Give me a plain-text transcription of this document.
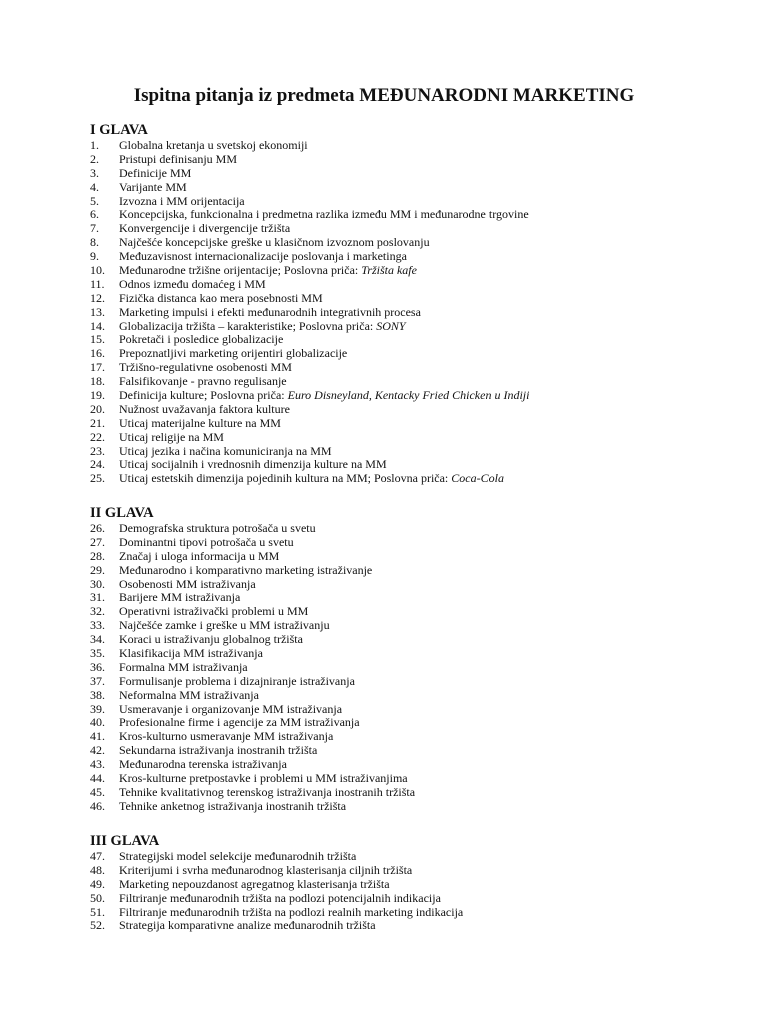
Ispitna pitanja iz predmeta MEĐUNARODNI MARKETING
I GLAVA
1.	Globalna kretanja u svetskoj ekonomiji
2.	Pristupi definisanju MM
3.	Definicije MM
4.	Varijante MM
5.	Izvozna i MM orijentacija
6.	Koncepcijska, funkcionalna i predmetna razlika između MM i međunarodne trgovine
7.	Konvergencije i divergencije tržišta
8.	Najčešće koncepcijske greške u klasičnom izvoznom poslovanju
9.	Međuzavisnost internacionalizacije poslovanja i marketinga
10.	Međunarodne tržišne orijentacije; Poslovna priča: Tržišta kafe
11.	Odnos između domaćeg i MM
12.	Fizička distanca kao mera posebnosti MM
13.	Marketing impulsi i efekti međunarodnih integrativnih procesa
14.	Globalizacija tržišta – karakteristike; Poslovna priča: SONY
15.	Pokretači i posledice globalizacije
16.	Prepoznatljivi marketing orijentiri globalizacije
17.	Tržišno-regulativne osobenosti MM
18.	Falsifikovanje - pravno regulisanje
19.	Definicija kulture; Poslovna priča: Euro Disneyland, Kentacky Fried Chicken u Indiji
20.	Nužnost uvažavanja faktora kulture
21.	Uticaj materijalne kulture na MM
22.	Uticaj religije na MM
23.	Uticaj jezika i načina komuniciranja na MM
24.	Uticaj socijalnih i vrednosnih dimenzija kulture na MM
25.	Uticaj estetskih dimenzija pojedinih kultura na MM; Poslovna priča: Coca-Cola
II GLAVA
26.	Demografska struktura potrošača u svetu
27.	Dominantni tipovi potrošača u svetu
28.	Značaj i uloga informacija u MM
29.	Međunarodno i komparativno marketing istraživanje
30.	Osobenosti MM istraživanja
31.	Barijere MM istraživanja
32.	Operativni istraživački problemi u MM
33.	Najčešće zamke i greške u MM istraživanju
34.	Koraci u istraživanju globalnog tržišta
35.	Klasifikacija MM istraživanja
36.	Formalna MM istraživanja
37.	Formulisanje problema i dizajniranje istraživanja
38.	Neformalna MM istraživanja
39.	Usmeravanje i organizovanje MM istraživanja
40.	Profesionalne firme i agencije za MM istraživanja
41.	Kros-kulturno usmeravanje MM istraživanja
42.	Sekundarna istraživanja inostranih tržišta
43.	Međunarodna terenska istraživanja
44.	Kros-kulturne pretpostavke i problemi u MM istraživanjima
45.	Tehnike kvalitativnog terenskog istraživanja inostranih tržišta
46.	Tehnike anketnog istraživanja inostranih tržišta
III GLAVA
47.	Strategijski model selekcije međunarodnih tržišta
48.	Kriterijumi i svrha međunarodnog klasterisanja ciljnih tržišta
49.	Marketing nepouzdanost agregatnog klasterisanja tržišta
50.	Filtriranje međunarodnih tržišta na podlozi potencijalnih indikacija
51.	Filtriranje međunarodnih tržišta na podlozi realnih marketing indikacija
52.	Strategija komparativne analize međunarodnih tržišta
